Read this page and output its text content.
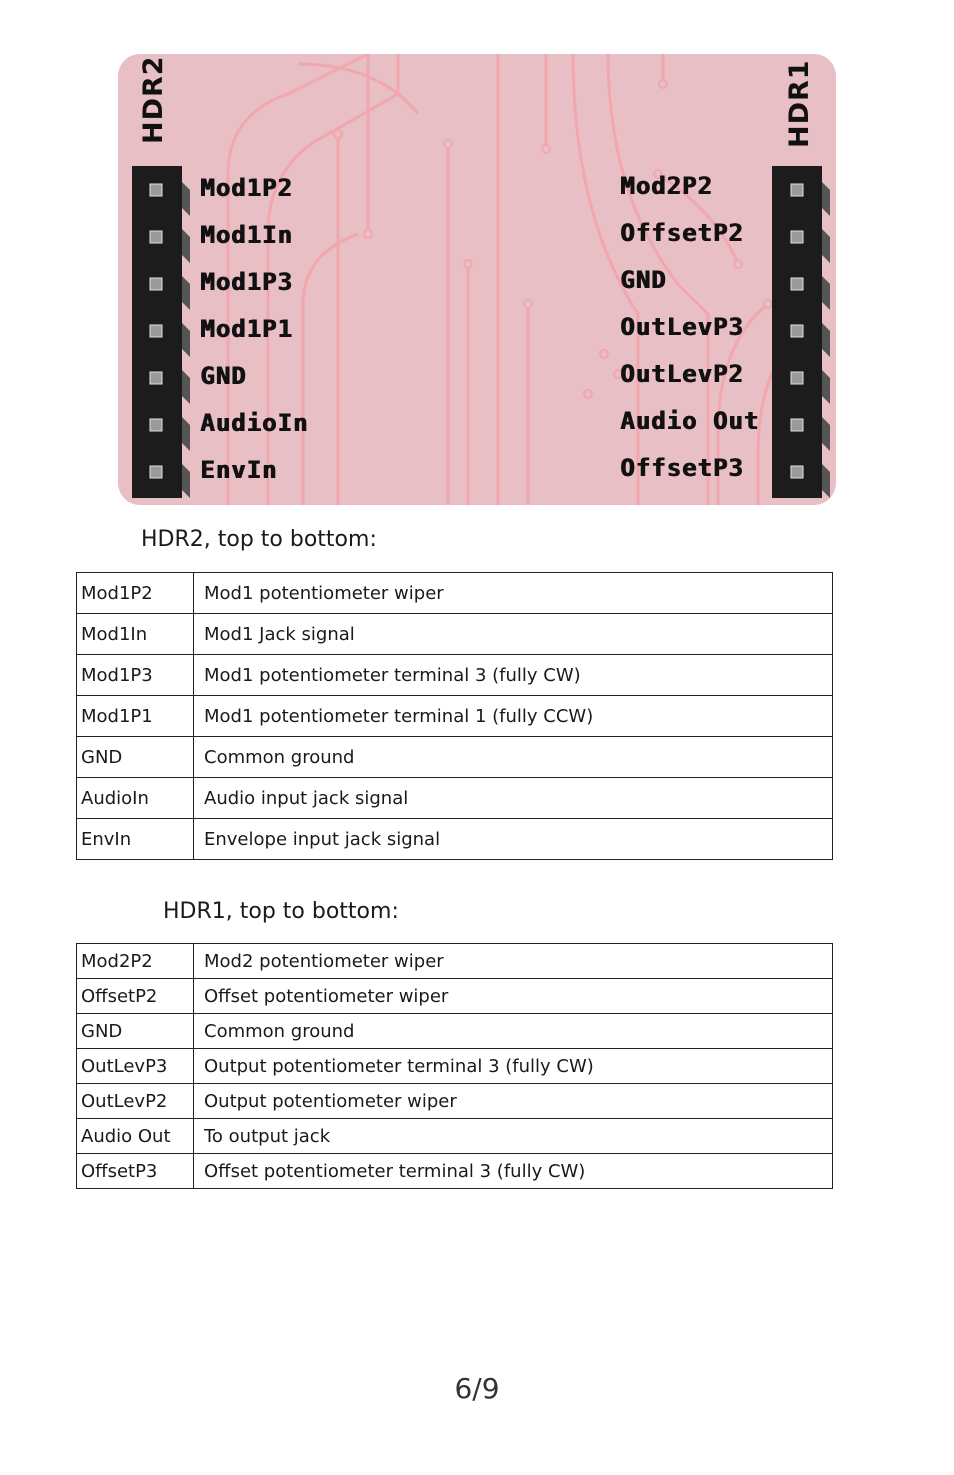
HDR2	HDR1
Mod1P2
Mod1In
Mod1P3
Mod1P1
GND
AudioIn
EnvIn
Mod2P2
OffsetP2
GND
OutLevP3
OutLevP2
Audio Out
OffsetP3
HDR2, top to bottom:
Mod1P2	Mod1 potentiometer wiper
Mod1In	Mod1 Jack signal
Mod1P3	Mod1 potentiometer terminal 3 (fully CW)
Mod1P1	Mod1 potentiometer terminal 1 (fully CCW)
GND	Common ground
AudioIn	Audio input jack signal
EnvIn	Envelope input jack signal
HDR1, top to bottom:
Mod2P2	Mod2 potentiometer wiper
OffsetP2	Offset potentiometer wiper
GND	Common ground
OutLevP3	Output potentiometer terminal 3 (fully CW)
OutLevP2	Output potentiometer wiper
Audio Out	To output jack
OffsetP3	Offset potentiometer terminal 3 (fully CW)
6/9
